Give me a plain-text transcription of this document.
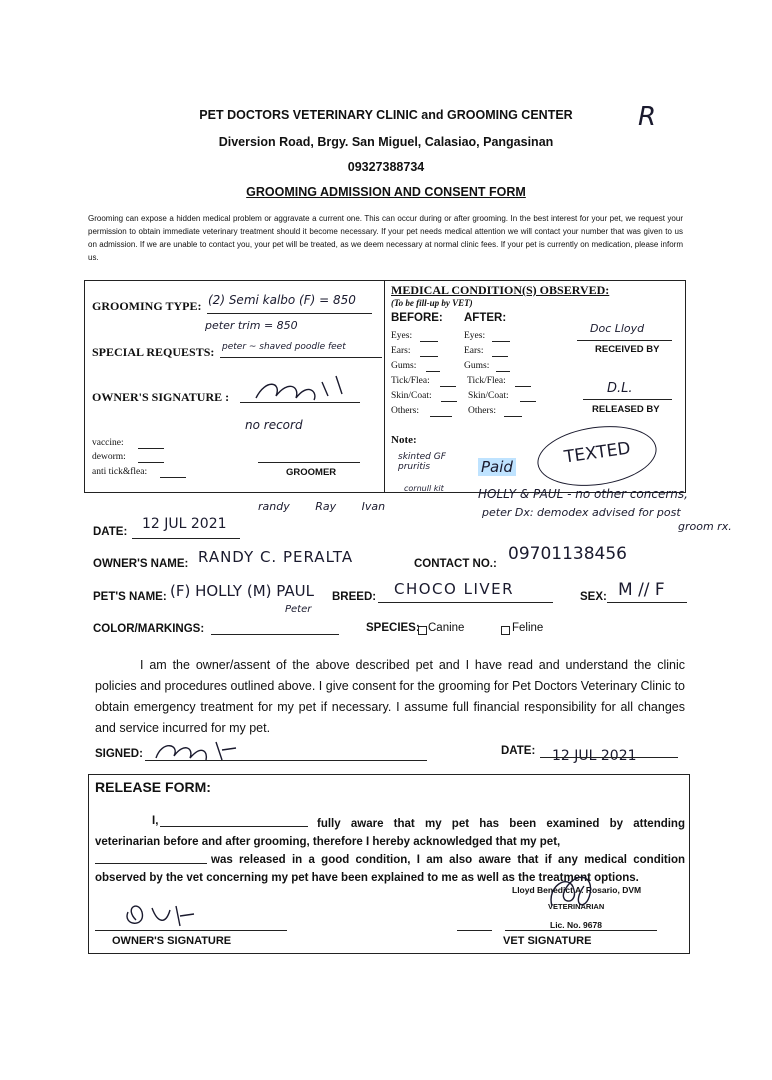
PET DOCTORS VETERINARY CLINIC and GROOMING CENTER
Diversion Road, Brgy. San Miguel, Calasiao, Pangasinan
09327388734
GROOMING ADMISSION AND CONSENT FORM
R
Grooming can expose a hidden medical problem or aggravate a current one. This can occur during or after grooming. In the best interest for your pet, we request your permission to obtain immediate veterinary treatment should it become necessary. If your pet needs medical attention we will contact your number that was given to us on admission. If we are unable to contact you, your pet will be treated, as we deem necessary at normal clinic fees. If your pet is currently on medication, please inform us.
GROOMING TYPE: (2) Semi kalbo (F) = 850
peter trim = 850
SPECIAL REQUESTS: peter ~ shaved poodle feet
OWNER'S SIGNATURE :
no record
vaccine:
deworm:
anti tick&flea:	GROOMER
MEDICAL CONDITION(S) OBSERVED:
(To be fill-up by VET)
BEFORE: AFTER:
Eyes:
Ears:
Gums:
Tick/Flea:
Skin/Coat:
Others:
Eyes:
Ears:
Gums:
Tick/Flea:
Skin/Coat:
Others:
Doc Lloyd
RECEIVED BY
D.L.
RELEASED BY
Note:
skinted GF pruritis
cornull kit
Paid	TEXTED
randy Ray Ivan
HOLLY & PAUL - no other concerns,
peter Dx: demodex advised for post
groom rx.
DATE: 12 JUL 2021
OWNER'S NAME: RANDY C. PERALTA	CONTACT NO.: 09701138456
PET'S NAME: (F) HOLLY (M) PAUL
Peter
BREED: CHOCO LIVER	SEX: M // F
COLOR/MARKINGS:	SPECIES: Canine	Feline
I am the owner/assent of the above described pet and I have read and understand the clinic policies and procedures outlined above. I give consent for the grooming for Pet Doctors Veterinary Clinic to obtain emergency treatment for my pet if necessary. I assume full financial responsibility for all changes and service incurred for my pet.
SIGNED:	DATE: 12 JUL 2021
RELEASE FORM:
I,	fully aware that my pet has been examined by attending veterinarian before and after grooming, therefore I hereby acknowledged that my pet,
was released in a good condition, I am also aware that if any medical condition observed by the vet concerning my pet have been explained to me as well as the treatment options.
OWNER'S SIGNATURE
Lloyd Benedict A. Rosario, DVM
VETERINARIAN
Lic. No. 9678
VET SIGNATURE
